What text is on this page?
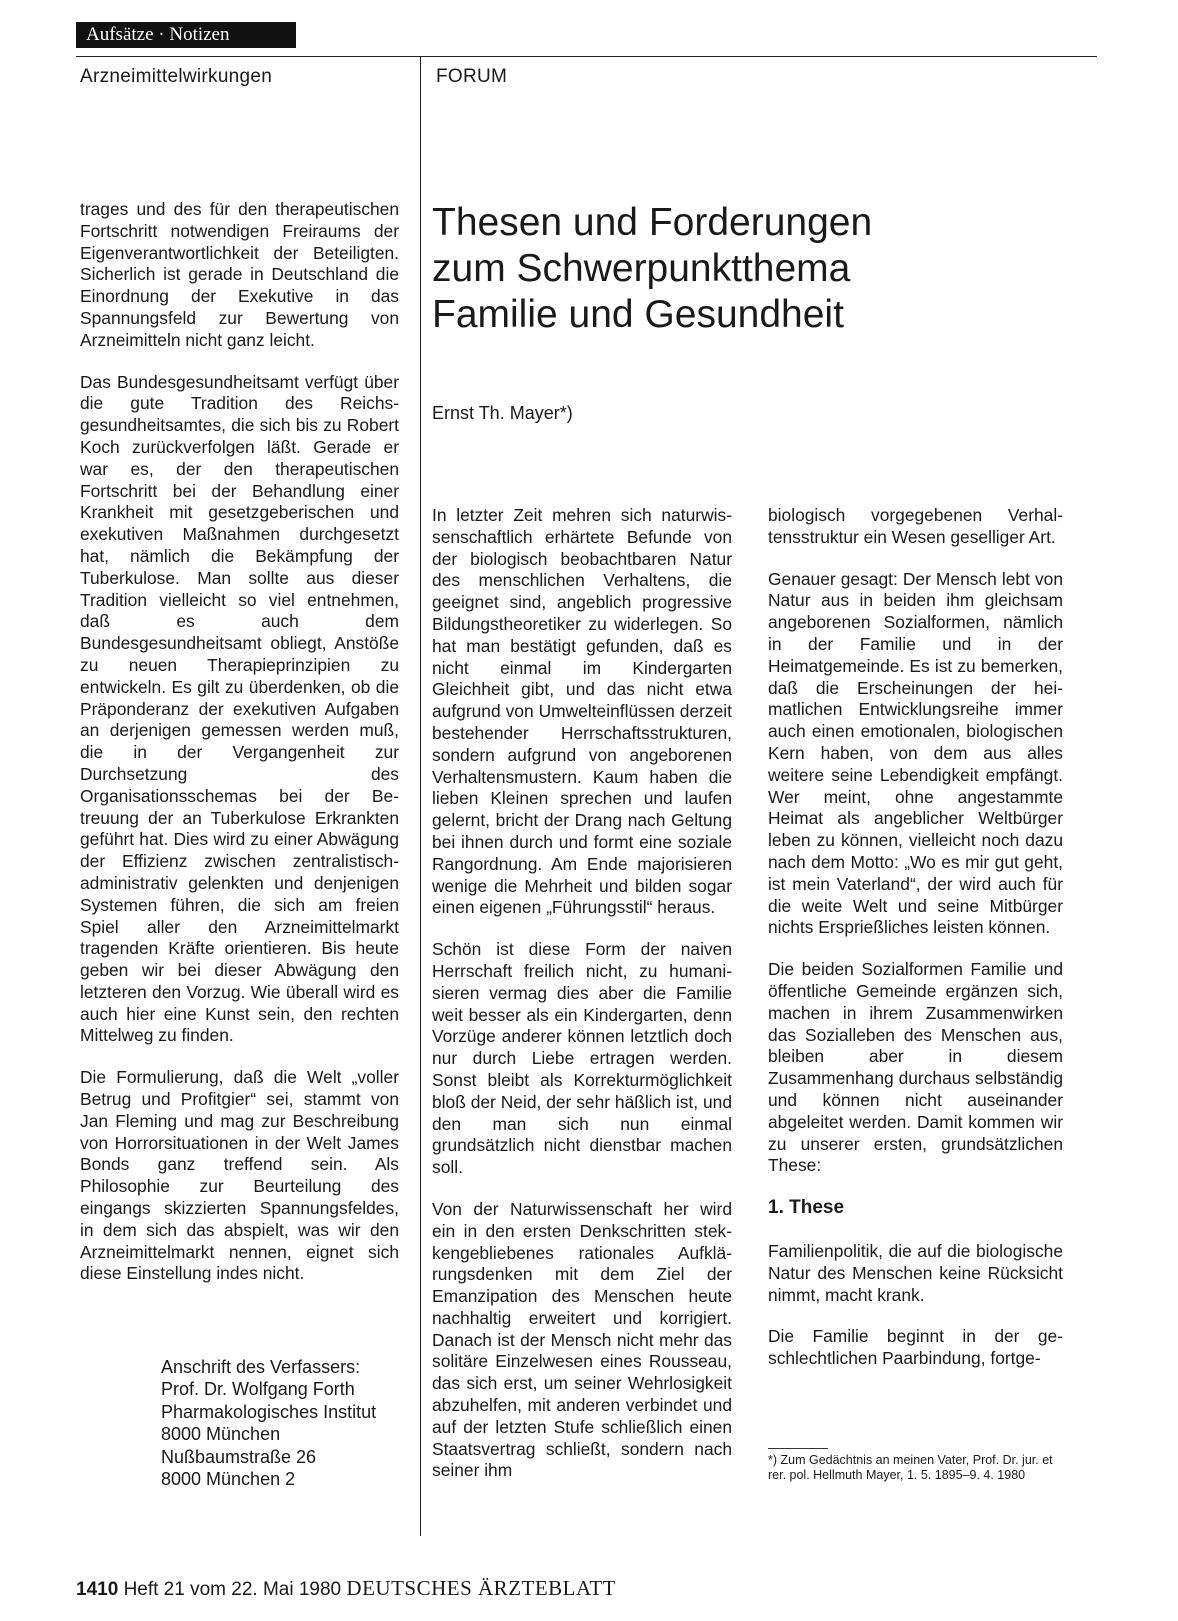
Aufsätze · Notizen
Arzneimittelwirkungen	FORUM
Thesen und Forderungen
zum Schwerpunktthema
Familie und Gesundheit
Ernst Th. Mayer*)

trages und des für den therapeutischen Fortschritt notwendigen Freiraums der Eigenverantwortlichkeit der Beteiligten. Sicherlich ist gerade in Deutschland die Einordnung der Exekutive in das Spannungsfeld zur Bewertung von Arzneimitteln nicht ganz leicht.

Das Bundesgesundheitsamt verfügt über die gute Tradition des Reichsgesundheitsamtes, die sich bis zu Robert Koch zurückverfolgen läßt. Gerade er war es, der den therapeutischen Fortschritt bei der Behandlung einer Krankheit mit gesetzgeberischen und exekutiven Maßnahmen durchgesetzt hat, nämlich die Bekämpfung der Tuberkulose. Man sollte aus dieser Tradition vielleicht so viel entnehmen, daß es auch dem Bundesgesundheitsamt obliegt, Anstöße zu neuen Therapieprinzipien zu entwickeln. Es gilt zu überdenken, ob die Präponderanz der exekutiven Aufgaben an derjenigen gemessen werden muß, die in der Vergangenheit zur Durchsetzung des Organisationsschemas bei der Betreuung der an Tuberkulose Erkrankten geführt hat. Dies wird zu einer Abwägung der Effizienz zwischen zentralistisch-administrativ gelenkten und denjenigen Systemen führen, die sich am freien Spiel aller den Arzneimittelmarkt tragenden Kräfte orientieren. Bis heute geben wir bei dieser Abwägung den letzteren den Vorzug. Wie überall wird es auch hier eine Kunst sein, den rechten Mittelweg zu finden.

Die Formulierung, daß die Welt „voller Betrug und Profitgier“ sei, stammt von Jan Fleming und mag zur Beschreibung von Horrorsituationen in der Welt James Bonds ganz treffend sein. Als Philosophie zur Beurteilung des eingangs skizzierten Spannungsfeldes, in dem sich das abspielt, was wir den Arzneimittelmarkt nennen, eignet sich diese Einstellung indes nicht.

Anschrift des Verfassers:
Prof. Dr. Wolfgang Forth
Pharmakologisches Institut
8000 München
Nußbaumstraße 26
8000 München 2

In letzter Zeit mehren sich naturwissenschaftlich erhärtete Befunde von der biologisch beobachtbaren Natur des menschlichen Verhaltens, die geeignet sind, angeblich progressive Bildungstheoretiker zu widerlegen. So hat man bestätigt gefunden, daß es nicht einmal im Kindergarten Gleichheit gibt, und das nicht etwa aufgrund von Umwelteinflüssen derzeit bestehender Herrschaftsstrukturen, sondern aufgrund von angeborenen Verhaltensmustern. Kaum haben die lieben Kleinen sprechen und laufen gelernt, bricht der Drang nach Geltung bei ihnen durch und formt eine soziale Rangordnung. Am Ende majorisieren wenige die Mehrheit und bilden sogar einen eigenen „Führungsstil“ heraus.

Schön ist diese Form der naiven Herrschaft freilich nicht, zu humanisieren vermag dies aber die Familie weit besser als ein Kindergarten, denn Vorzüge anderer können letztlich doch nur durch Liebe ertragen werden. Sonst bleibt als Korrekturmöglichkeit bloß der Neid, der sehr häßlich ist, und den man sich nun einmal grundsätzlich nicht dienstbar machen soll.

Von der Naturwissenschaft her wird ein in den ersten Denkschritten stekkengebliebenes rationales Aufklärungsdenken mit dem Ziel der Emanzipation des Menschen heute nachhaltig erweitert und korrigiert. Danach ist der Mensch nicht mehr das solitäre Einzelwesen eines Rousseau, das sich erst, um seiner Wehrlosigkeit abzuhelfen, mit anderen verbindet und auf der letzten Stufe schließlich einen Staatsvertrag schließt, sondern nach seiner ihm

biologisch vorgegebenen Verhaltensstruktur ein Wesen geselliger Art.

Genauer gesagt: Der Mensch lebt von Natur aus in beiden ihm gleichsam angeborenen Sozialformen, nämlich in der Familie und in der Heimatgemeinde. Es ist zu bemerken, daß die Erscheinungen der heimatlichen Entwicklungsreihe immer auch einen emotionalen, biologischen Kern haben, von dem aus alles weitere seine Lebendigkeit empfängt. Wer meint, ohne angestammte Heimat als angeblicher Weltbürger leben zu können, vielleicht noch dazu nach dem Motto: „Wo es mir gut geht, ist mein Vaterland“, der wird auch für die weite Welt und seine Mitbürger nichts Ersprießliches leisten können.

Die beiden Sozialformen Familie und öffentliche Gemeinde ergänzen sich, machen in ihrem Zusammenwirken das Sozialleben des Menschen aus, bleiben aber in diesem Zusammenhang durchaus selbständig und können nicht auseinander abgeleitet werden. Damit kommen wir zu unserer ersten, grundsätzlichen These:

1. These

Familienpolitik, die auf die biologische Natur des Menschen keine Rücksicht nimmt, macht krank.

Die Familie beginnt in der geschlechtlichen Paarbindung, fortge-

*) Zum Gedächtnis an meinen Vater, Prof. Dr. jur. et rer. pol. Hellmuth Mayer, 1. 5. 1895–9. 4. 1980
1410 Heft 21 vom 22. Mai 1980 DEUTSCHES ÄRZTEBLATT
